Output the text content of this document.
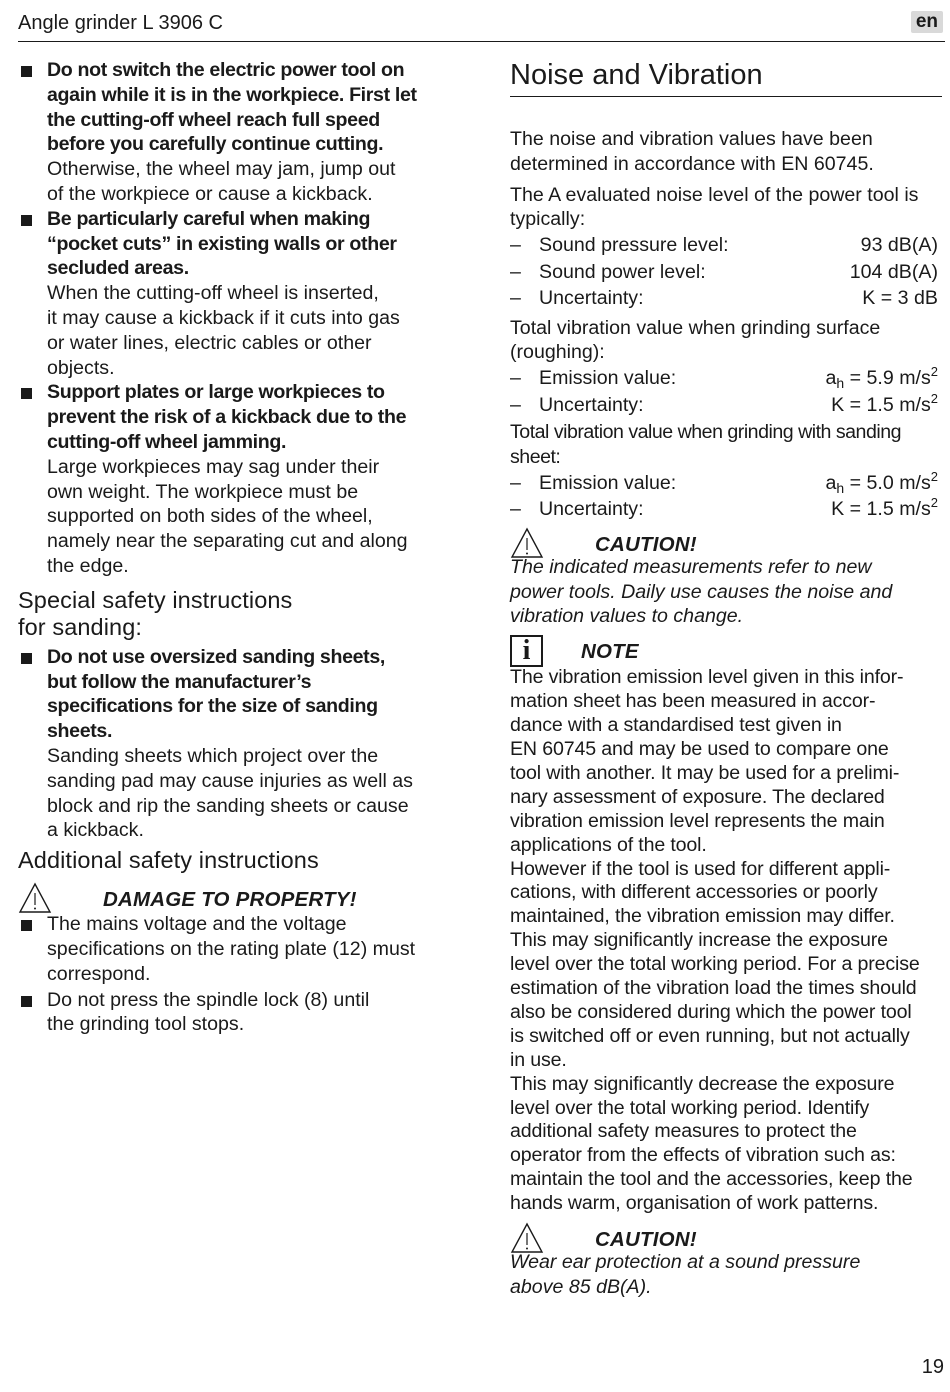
Angle grinder L 3906 C	en
Do not switch the electric power tool on
again while it is in the workpiece. First let
the cutting-off wheel reach full speed
before you carefully continue cutting.
Otherwise, the wheel may jam, jump out
of the workpiece or cause a kickback.
Be particularly careful when making
“pocket cuts” in existing walls or other
secluded areas.
When the cutting-off wheel is inserted,
it may cause a kickback if it cuts into gas
or water lines, electric cables or other
objects.
Support plates or large workpieces to
prevent the risk of a kickback due to the
cutting-off wheel jamming.
Large workpieces may sag under their
own weight. The workpiece must be
supported on both sides of the wheel,
namely near the separating cut and along
the edge.
Special safety instructions
for sanding:
Do not use oversized sanding sheets,
but follow the manufacturer’s
specifications for the size of sanding
sheets.
Sanding sheets which project over the
sanding pad may cause injuries as well as
block and rip the sanding sheets or cause
a kickback.
Additional safety instructions
DAMAGE TO PROPERTY!
The mains voltage and the voltage
specifications on the rating plate (12) must
correspond.
Do not press the spindle lock (8) until
the grinding tool stops.
Noise and Vibration
The noise and vibration values have been
determined in accordance with EN 60745.
The A evaluated noise level of the power tool is
typically:
– Sound pressure level:	93 dB(A)
– Sound power level:	104 dB(A)
– Uncertainty:	K = 3 dB
Total vibration value when grinding surface
(roughing):
– Emission value:	$a_h = 5.9$ $m/s^2$
– Uncertainty:	K = 1.5 $m/s^2$
Total vibration value when grinding with sanding
sheet:
– Emission value:	$a_h = 5.0$ $m/s^2$
– Uncertainty:	K = 1.5 $m/s^2$
CAUTION!
The indicated measurements refer to new
power tools. Daily use causes the noise and
vibration values to change.
i	NOTE
The vibration emission level given in this infor-
mation sheet has been measured in accor-
dance with a standardised test given in
EN 60745 and may be used to compare one
tool with another. It may be used for a prelimi-
nary assessment of exposure. The declared
vibration emission level represents the main
applications of the tool.
However if the tool is used for different appli-
cations, with different accessories or poorly
maintained, the vibration emission may differ.
This may significantly increase the exposure
level over the total working period. For a precise
estimation of the vibration load the times should
also be considered during which the power tool
is switched off or even running, but not actually
in use.
This may significantly decrease the exposure
level over the total working period. Identify
additional safety measures to protect the
operator from the effects of vibration such as:
maintain the tool and the accessories, keep the
hands warm, organisation of work patterns.
CAUTION!
Wear ear protection at a sound pressure
above 85 dB(A).
19
